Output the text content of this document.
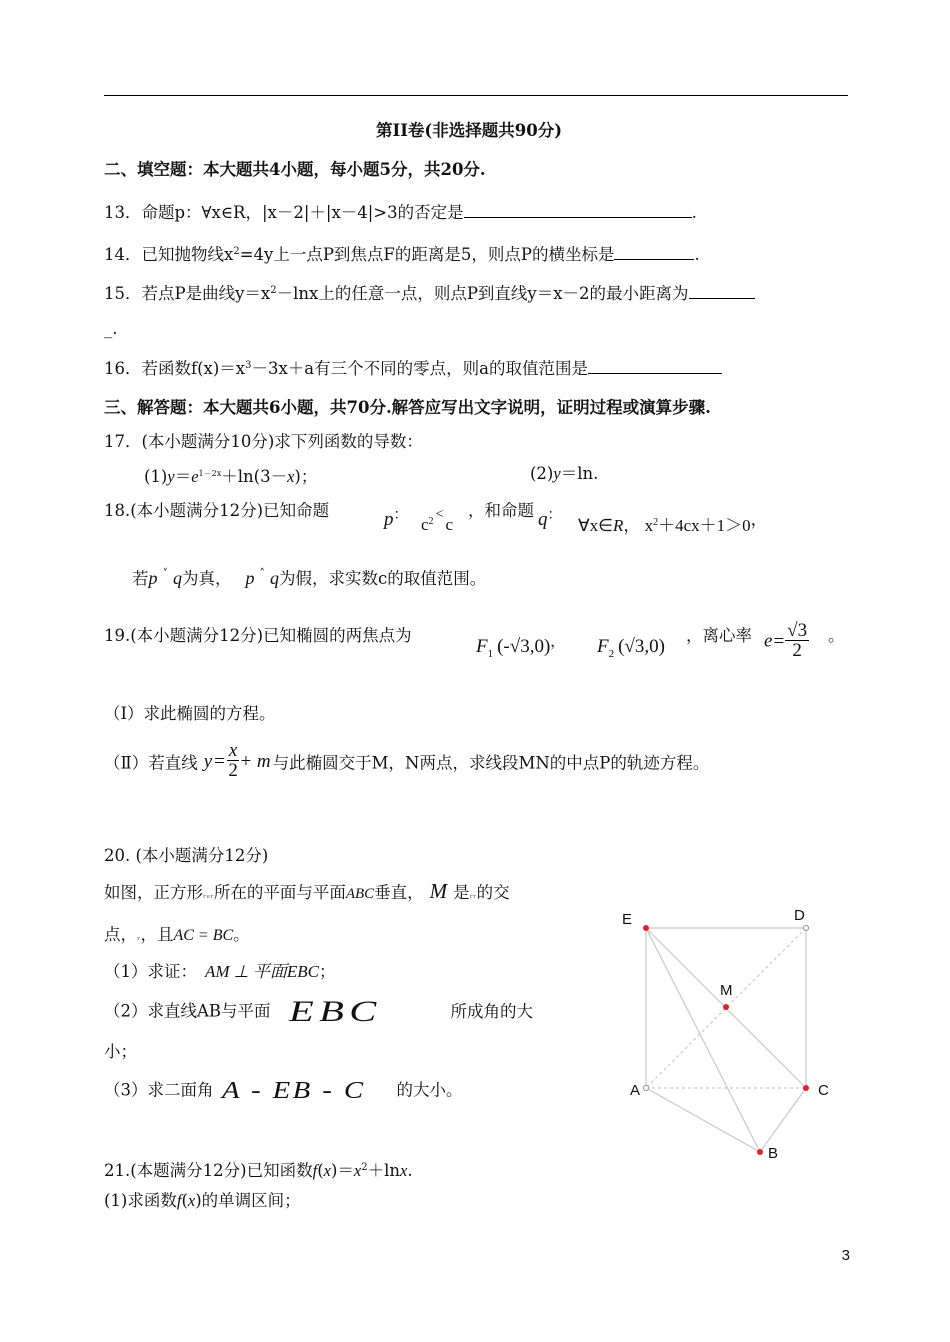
第II卷(非选择题共90分)
二、填空题：本大题共4小题，每小题5分，共20分.
13．命题p：∀x∈R，|x－2|＋|x－4|>3的否定是	.
14．已知抛物线$x^2=4y$上一点P到焦点F的距离是5，则点P的横坐标是	.
15．若点P是曲线$y=x^2-\ln x$上的任意一点，则点P到直线y＝x－2的最小距离为
_.
16．若函数$f(x)=x^3-3x+a$有三个不同的零点，则a的取值范围是
三、解答题：本大题共6小题，共70分.解答应写出文字说明，证明过程或演算步骤.
17．(本小题满分10分)求下列函数的导数：
$(1)y=e^{1-2x}+\ln(3-x)$；	(2)y＝ln.
18.(本小题满分12分)已知命题	p： $c^2$ <c
，和命题 q：
∀x∈R， $x^2+4cx+1>0$，
若p ˅ q为真， p ˄ q为假，求实数c的取值范围。
19.(本小题满分12分)已知椭圆的两焦点为
$F_1$ (-√3,0)， $F_2$ (√3,0)
，离心率 $e= \frac{√3}{2}$ 。
（Ⅰ）求此椭圆的方程。
（Ⅱ）若直线 $y = \frac{x}{2} + m$ 与此椭圆交于M，N两点，求线段MN的中点P的轨迹方程。
20. (本小题满分12分)
如图，正方形ᵣₑᵣ所在的平面与平面ABC垂直， M 是ᵣᵣ的交
点，ᵣ，且AC = BC。
（1）求证： AM ⊥ 平面EBC；
（2）求直线AB与平面 EBC	所成角的大
小；
（3）求二面角 A - EB - C 的大小。
E	D
M
A	C
B
21.(本题满分12分)已知函数$f(x)=x^2+\ln x$.
(1)求函数f(x)的单调区间；
3
